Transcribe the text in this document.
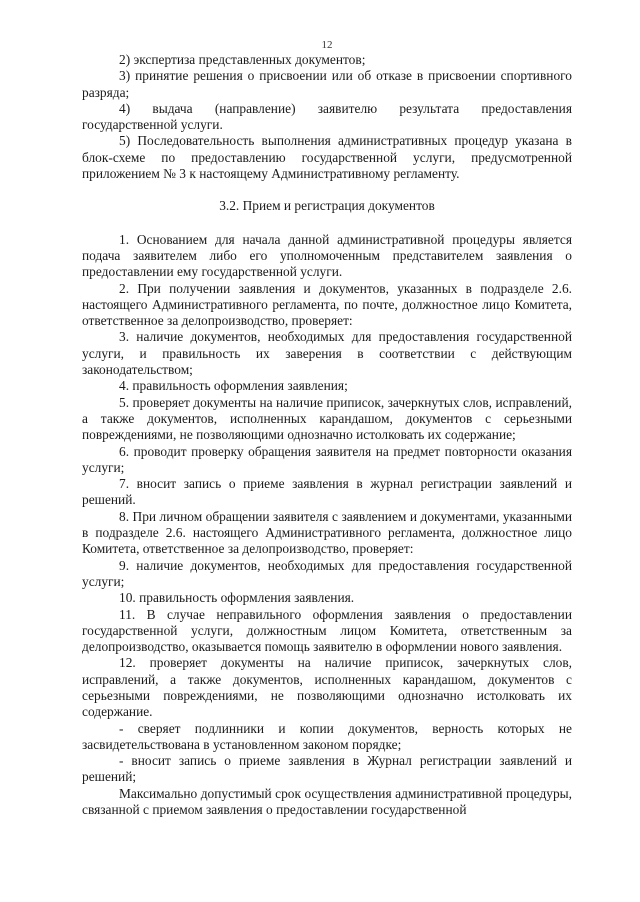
12

2) экспертиза представленных документов;

3) принятие решения о присвоении или об отказе в присвоении спортивного разряда;

4) выдача (направление) заявителю результата предоставления государственной услуги.

5) Последовательность выполнения административных процедур указана в блок-схеме по предоставлению государственной услуги, предусмотренной приложением № 3 к настоящему Административному регламенту.

3.2. Прием и регистрация документов

1. Основанием для начала данной административной процедуры является подача заявителем либо его уполномоченным представителем заявления о предоставлении ему государственной услуги.

2. При получении заявления и документов, указанных в подразделе 2.6. настоящего Административного регламента, по почте, должностное лицо Комитета, ответственное за делопроизводство, проверяет:

3. наличие документов, необходимых для предоставления государственной услуги, и правильность их заверения в соответствии с действующим законодательством;

4. правильность оформления заявления;

5. проверяет документы на наличие приписок, зачеркнутых слов, исправлений, а также документов, исполненных карандашом, документов с серьезными повреждениями, не позволяющими однозначно истолковать их содержание;

6. проводит проверку обращения заявителя на предмет повторности оказания услуги;

7. вносит запись о приеме заявления в журнал регистрации заявлений и решений.

8. При личном обращении заявителя с заявлением и документами, указанными в подразделе 2.6. настоящего Административного регламента, должностное лицо Комитета, ответственное за делопроизводство, проверяет:

9. наличие документов, необходимых для предоставления государственной услуги;

10. правильность оформления заявления.

11. В случае неправильного оформления заявления о предоставлении государственной услуги, должностным лицом Комитета, ответственным за делопроизводство, оказывается помощь заявителю в оформлении нового заявления.

12. проверяет документы на наличие приписок, зачеркнутых слов, исправлений, а также документов, исполненных карандашом, документов с серьезными повреждениями, не позволяющими однозначно истолковать их содержание.

- сверяет подлинники и копии документов, верность которых не засвидетельствована в установленном законом порядке;

- вносит запись о приеме заявления в Журнал регистрации заявлений и решений;

Максимально допустимый срок осуществления административной процедуры, связанной с приемом заявления о предоставлении государственной
